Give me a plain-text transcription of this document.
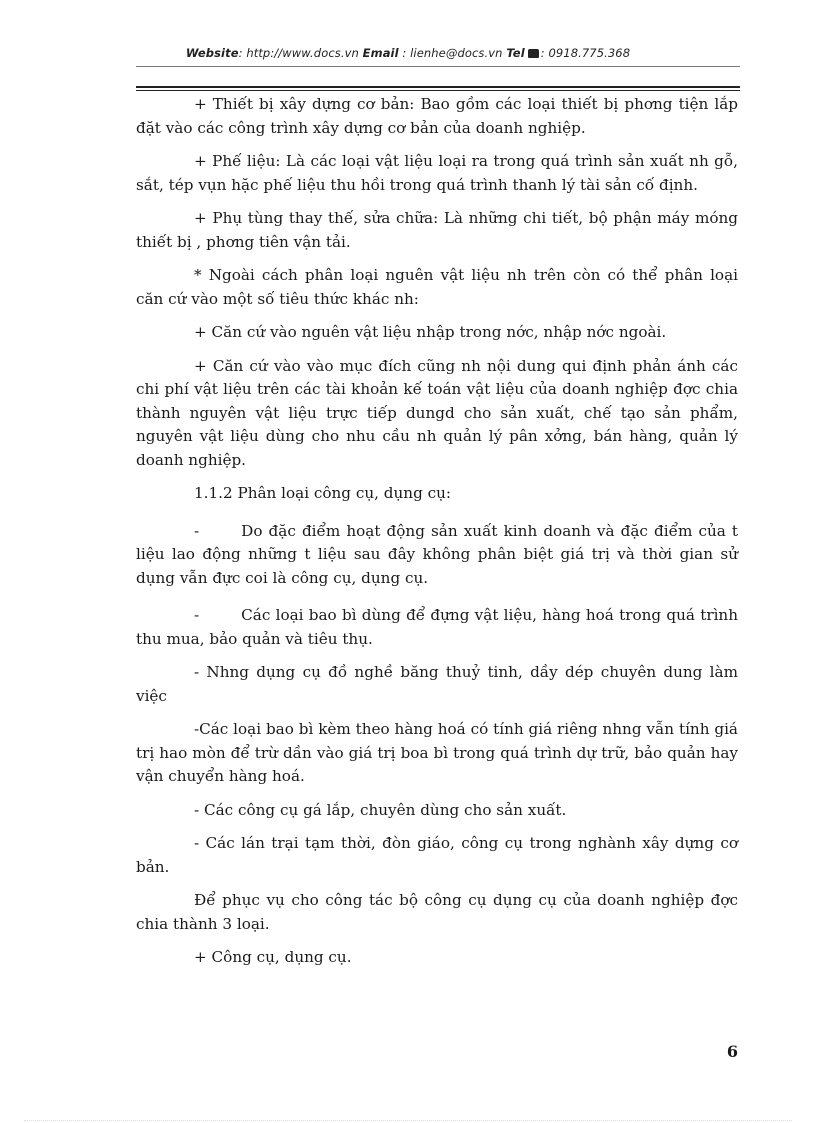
Website: http://www.docs.vn Email : lienhe@docs.vn Tel : 0918.775.368

+ Thiết bị xây dựng cơ bản: Bao gồm các loại thiết bị phơng tiện lắp đặt vào các công trình xây dựng cơ bản của doanh nghiệp.

+ Phế liệu: Là các loại vật liệu loại ra trong quá trình sản xuất nh gỗ, sắt, tép vụn hặc phế liệu thu hồi trong quá trình thanh lý tài sản cố định.

+ Phụ tùng thay thế, sửa chữa: Là những chi tiết, bộ phận máy móng thiết bị , phơng tiên vận tải.

* Ngoài cách phân loại nguên vật liệu nh trên còn có thể phân loại căn cứ vào một số tiêu thức khác nh:

+ Căn cứ vào nguên vật liệu nhập trong nớc, nhập nớc ngoài.

+ Căn cứ vào vào mục đích cũng nh nội dung qui định phản ánh các chi phí vật liệu trên các tài khoản kế toán vật liệu của doanh nghiệp đợc chia thành nguyên vật liệu trực tiếp dungd cho sản xuất, chế tạo sản phẩm, nguyên vật liệu dùng cho nhu cầu nh quản lý pân xởng, bán hàng, quản lý doanh nghiệp.

1.1.2 Phân loại công cụ, dụng cụ:

-	Do đặc điểm hoạt động sản xuất kinh doanh và đặc điểm của t liệu lao động những t liệu sau đây không phân biệt giá trị và thời gian sử dụng vẫn đực coi là công cụ, dụng cụ.

-	Các loại bao bì dùng để đựng vật liệu, hàng hoá trong quá trình thu mua, bảo quản và tiêu thụ.

- Nhng dụng cụ đồ nghề băng thuỷ tinh, dầy dép chuyên dung làm việc

-Các loại bao bì kèm theo hàng hoá có tính giá riêng nhng vẫn tính giá trị hao mòn để trừ dần vào giá trị boa bì trong quá trình dự trữ, bảo quản hay vận chuyển hàng hoá.

- Các công cụ gá lắp, chuyên dùng cho sản xuất.

- Các lán trại tạm thời, đòn giáo, công cụ trong nghành xây dựng cơ bản.

Để phục vụ cho công tác bộ công cụ dụng cụ của doanh nghiệp đợc chia thành 3 loại.

+ Công cụ, dụng cụ.

6
